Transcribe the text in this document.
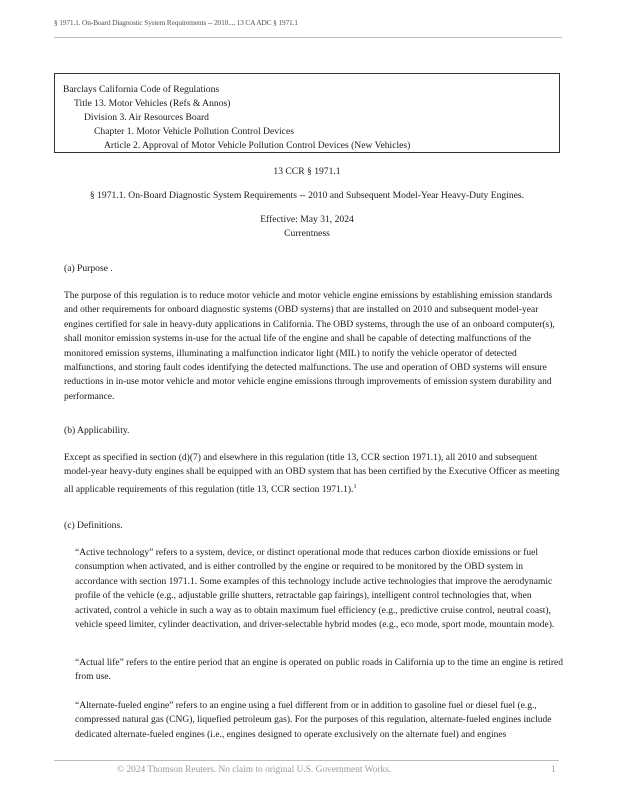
§ 1971.1. On-Board Diagnostic System Requirements -- 2010..., 13 CA ADC § 1971.1
Barclays California Code of Regulations
Title 13. Motor Vehicles (Refs & Annos)
Division 3. Air Resources Board
Chapter 1. Motor Vehicle Pollution Control Devices
Article 2. Approval of Motor Vehicle Pollution Control Devices (New Vehicles)
13 CCR § 1971.1
§ 1971.1. On-Board Diagnostic System Requirements -- 2010 and Subsequent Model-Year Heavy-Duty Engines.
Effective: May 31, 2024
Currentness
(a) Purpose .
The purpose of this regulation is to reduce motor vehicle and motor vehicle engine emissions by establishing emission standards and other requirements for onboard diagnostic systems (OBD systems) that are installed on 2010 and subsequent model-year engines certified for sale in heavy-duty applications in California. The OBD systems, through the use of an onboard computer(s), shall monitor emission systems in-use for the actual life of the engine and shall be capable of detecting malfunctions of the monitored emission systems, illuminating a malfunction indicator light (MIL) to notify the vehicle operator of detected malfunctions, and storing fault codes identifying the detected malfunctions. The use and operation of OBD systems will ensure reductions in in-use motor vehicle and motor vehicle engine emissions through improvements of emission system durability and performance.
(b) Applicability.
Except as specified in section (d)(7) and elsewhere in this regulation (title 13, CCR section 1971.1), all 2010 and subsequent model-year heavy-duty engines shall be equipped with an OBD system that has been certified by the Executive Officer as meeting all applicable requirements of this regulation (title 13, CCR section 1971.1).$^1$
(c) Definitions.
“Active technology” refers to a system, device, or distinct operational mode that reduces carbon dioxide emissions or fuel consumption when activated, and is either controlled by the engine or required to be monitored by the OBD system in accordance with section 1971.1. Some examples of this technology include active technologies that improve the aerodynamic profile of the vehicle (e.g., adjustable grille shutters, retractable gap fairings), intelligent control technologies that, when activated, control a vehicle in such a way as to obtain maximum fuel efficiency (e.g., predictive cruise control, neutral coast), vehicle speed limiter, cylinder deactivation, and driver-selectable hybrid modes (e.g., eco mode, sport mode, mountain mode).
“Actual life” refers to the entire period that an engine is operated on public roads in California up to the time an engine is retired from use.
“Alternate-fueled engine” refers to an engine using a fuel different from or in addition to gasoline fuel or diesel fuel (e.g., compressed natural gas (CNG), liquefied petroleum gas). For the purposes of this regulation, alternate-fueled engines include dedicated alternate-fueled engines (i.e., engines designed to operate exclusively on the alternate fuel) and engines
© 2024 Thomson Reuters. No claim to original U.S. Government Works.	1
